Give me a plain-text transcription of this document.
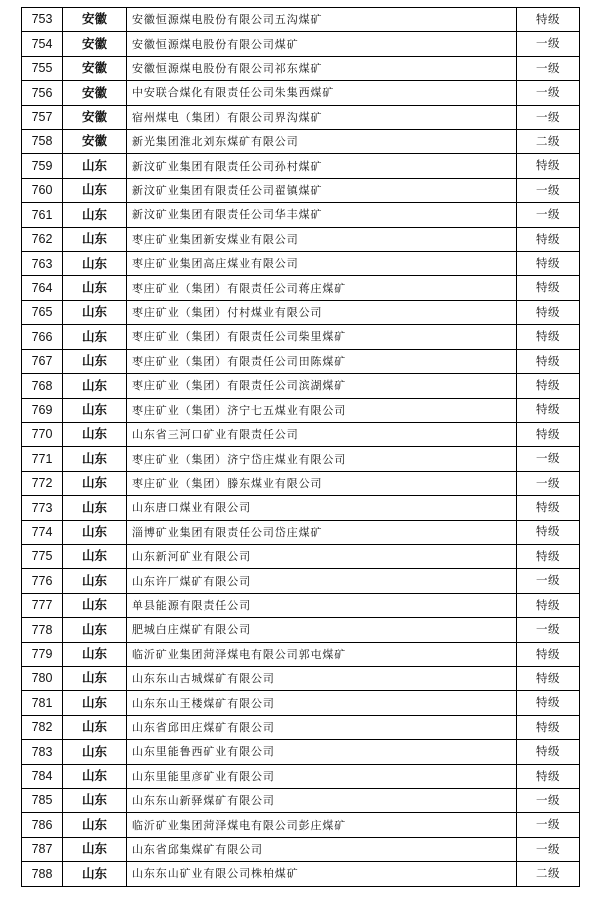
753	安徽	安徽恒源煤电股份有限公司五沟煤矿	特级
754	安徽	安徽恒源煤电股份有限公司煤矿	一级
755	安徽	安徽恒源煤电股份有限公司祁东煤矿	一级
756	安徽	中安联合煤化有限责任公司朱集西煤矿	一级
757	安徽	宿州煤电（集团）有限公司界沟煤矿	一级
758	安徽	新光集团淮北刘东煤矿有限公司	二级
759	山东	新汶矿业集团有限责任公司孙村煤矿	特级
760	山东	新汶矿业集团有限责任公司翟镇煤矿	一级
761	山东	新汶矿业集团有限责任公司华丰煤矿	一级
762	山东	枣庄矿业集团新安煤业有限公司	特级
763	山东	枣庄矿业集团高庄煤业有限公司	特级
764	山东	枣庄矿业（集团）有限责任公司蒋庄煤矿	特级
765	山东	枣庄矿业（集团）付村煤业有限公司	特级
766	山东	枣庄矿业（集团）有限责任公司柴里煤矿	特级
767	山东	枣庄矿业（集团）有限责任公司田陈煤矿	特级
768	山东	枣庄矿业（集团）有限责任公司滨湖煤矿	特级
769	山东	枣庄矿业（集团）济宁七五煤业有限公司	特级
770	山东	山东省三河口矿业有限责任公司	特级
771	山东	枣庄矿业（集团）济宁岱庄煤业有限公司	一级
772	山东	枣庄矿业（集团）滕东煤业有限公司	一级
773	山东	山东唐口煤业有限公司	特级
774	山东	淄博矿业集团有限责任公司岱庄煤矿	特级
775	山东	山东新河矿业有限公司	特级
776	山东	山东许厂煤矿有限公司	一级
777	山东	单县能源有限责任公司	特级
778	山东	肥城白庄煤矿有限公司	一级
779	山东	临沂矿业集团菏泽煤电有限公司郭屯煤矿	特级
780	山东	山东东山古城煤矿有限公司	特级
781	山东	山东东山王楼煤矿有限公司	特级
782	山东	山东省邱田庄煤矿有限公司	特级
783	山东	山东里能鲁西矿业有限公司	特级
784	山东	山东里能里彦矿业有限公司	特级
785	山东	山东东山新驿煤矿有限公司	一级
786	山东	临沂矿业集团菏泽煤电有限公司彭庄煤矿	一级
787	山东	山东省邱集煤矿有限公司	一级
788	山东	山东东山矿业有限公司株柏煤矿	二级
